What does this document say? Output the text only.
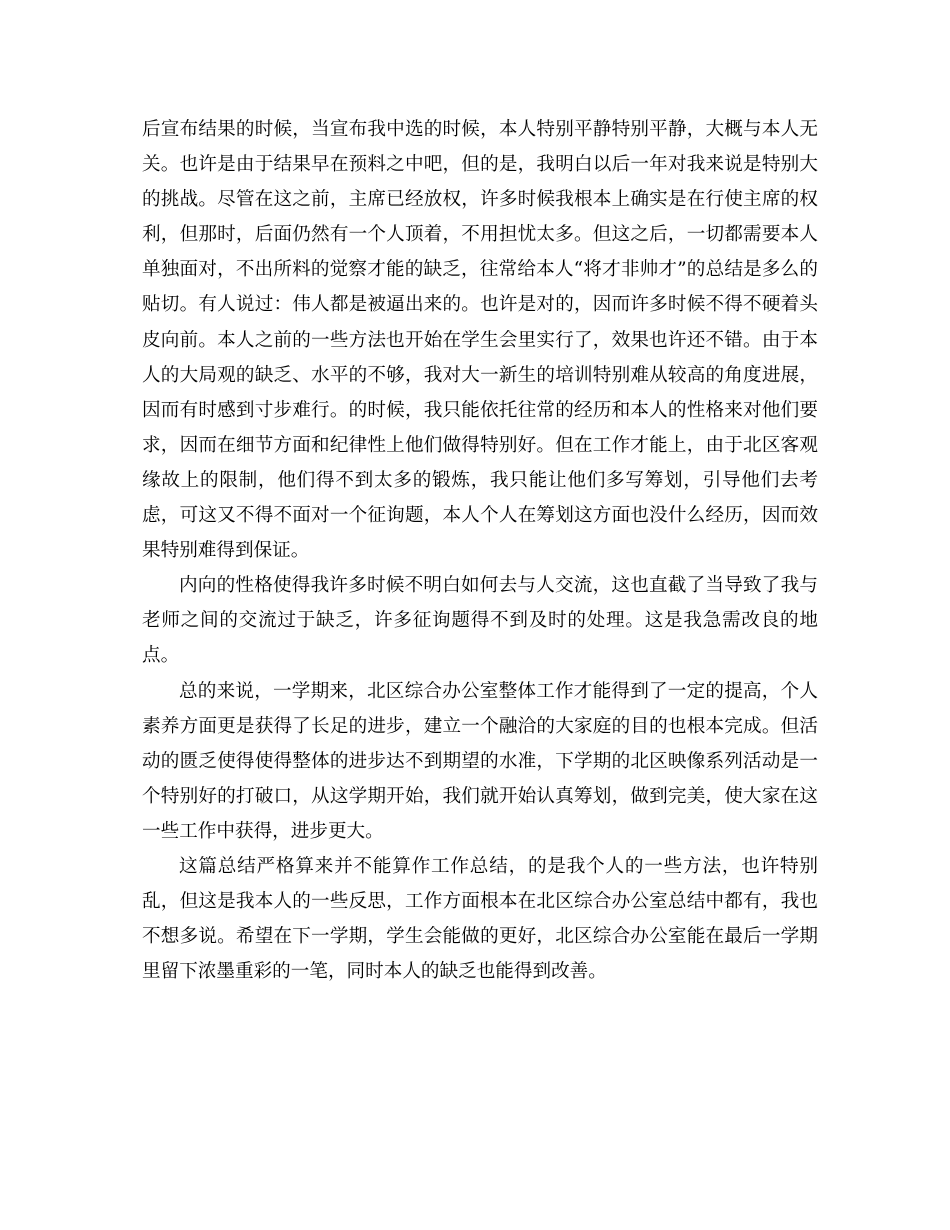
后宣布结果的时候，当宣布我中选的时候，本人特别平静特别平静，大概与本人无关。也许是由于结果早在预料之中吧，但的是，我明白以后一年对我来说是特别大的挑战。尽管在这之前，主席已经放权，许多时候我根本上确实是在行使主席的权利，但那时，后面仍然有一个人顶着，不用担忧太多。但这之后，一切都需要本人单独面对，不出所料的觉察才能的缺乏，往常给本人“将才非帅才”的总结是多么的贴切。有人说过：伟人都是被逼出来的。也许是对的，因而许多时候不得不硬着头皮向前。本人之前的一些方法也开始在学生会里实行了，效果也许还不错。由于本人的大局观的缺乏、水平的不够，我对大一新生的培训特别难从较高的角度进展，因而有时感到寸步难行。的时候，我只能依托往常的经历和本人的性格来对他们要求，因而在细节方面和纪律性上他们做得特别好。但在工作才能上，由于北区客观缘故上的限制，他们得不到太多的锻炼，我只能让他们多写筹划，引导他们去考虑，可这又不得不面对一个征询题，本人个人在筹划这方面也没什么经历，因而效果特别难得到保证。

内向的性格使得我许多时候不明白如何去与人交流，这也直截了当导致了我与老师之间的交流过于缺乏，许多征询题得不到及时的处理。这是我急需改良的地点。

总的来说，一学期来，北区综合办公室整体工作才能得到了一定的提高，个人素养方面更是获得了长足的进步，建立一个融洽的大家庭的目的也根本完成。但活动的匮乏使得使得整体的进步达不到期望的水准，下学期的北区映像系列活动是一个特别好的打破口，从这学期开始，我们就开始认真筹划，做到完美，使大家在这一些工作中获得，进步更大。

这篇总结严格算来并不能算作工作总结，的是我个人的一些方法，也许特别乱，但这是我本人的一些反思，工作方面根本在北区综合办公室总结中都有，我也不想多说。希望在下一学期，学生会能做的更好，北区综合办公室能在最后一学期里留下浓墨重彩的一笔，同时本人的缺乏也能得到改善。
